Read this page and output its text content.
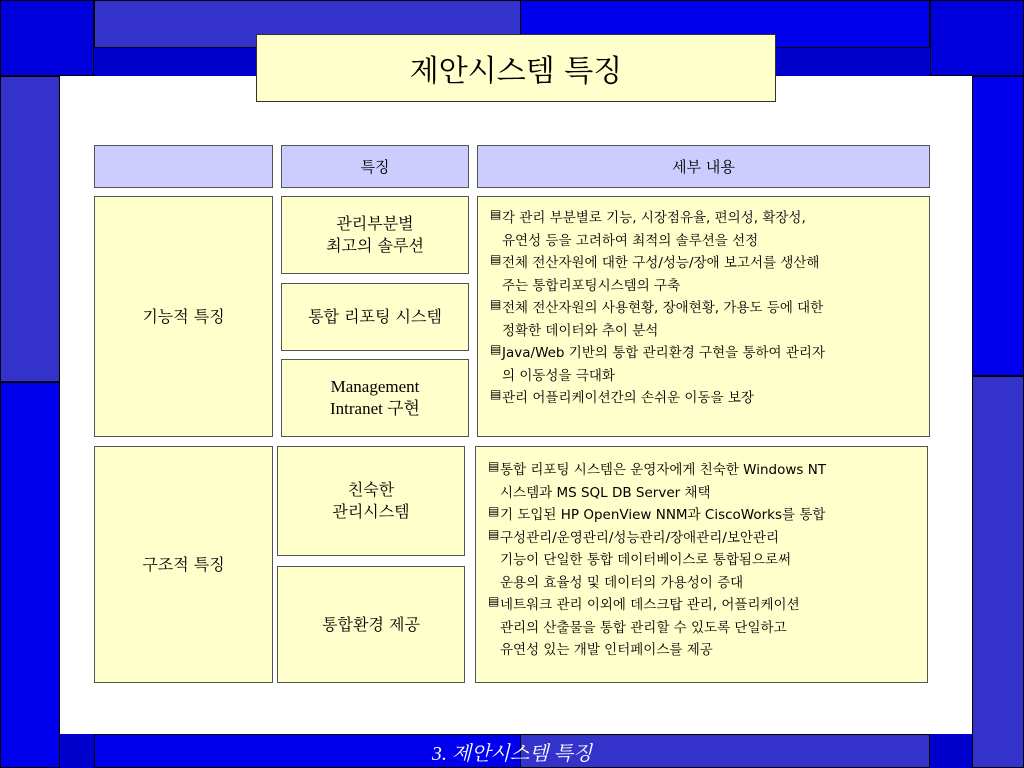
제안시스템 특징
특징	세부 내용
기능적 특징
관리부분별
최고의 솔루션
통합 리포팅 시스템
Management
Intranet 구현
▤ 각 관리 부분별로 기능, 시장점유율, 편의성, 확장성,
유연성 등을 고려하여 최적의 솔루션을 선정
▤ 전체 전산자원에 대한 구성/성능/장애 보고서를 생산해
주는 통합리포팅시스템의 구축
▤ 전체 전산자원의 사용현황, 장애현황, 가용도 등에 대한
정확한 데이터와 추이 분석
▤ Java/Web 기반의 통합 관리환경 구현을 통하여 관리자
의 이동성을 극대화
▤ 관리 어플리케이션간의 손쉬운 이동을 보장
구조적 특징
친숙한
관리시스템
통합환경 제공
▤ 통합 리포팅 시스템은 운영자에게 친숙한 Windows NT
시스템과 MS SQL DB Server 채택
▤ 기 도입된 HP OpenView NNM과 CiscoWorks를 통합
▤ 구성관리/운영관리/성능관리/장애관리/보안관리
기능이 단일한 통합 데이터베이스로 통합됨으로써
운용의 효율성 및 데이터의 가용성이 증대
▤ 네트워크 관리 이외에 데스크탑 관리, 어플리케이션
관리의 산출물을 통합 관리할 수 있도록 단일하고
유연성 있는 개발 인터페이스를 제공
3. 제안시스템 특징
